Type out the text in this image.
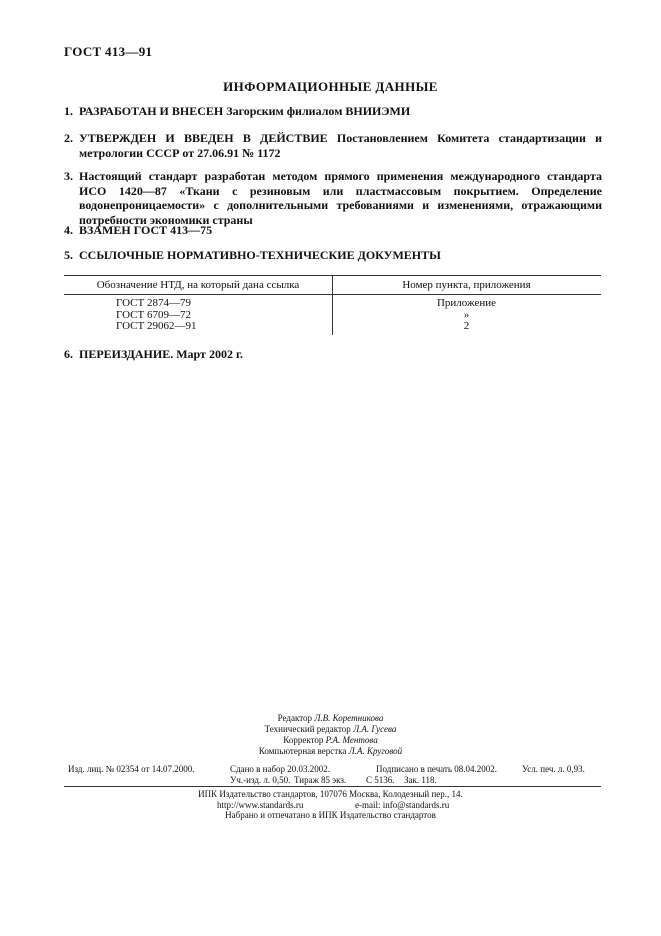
ГОСТ 413—91
ИНФОРМАЦИОННЫЕ ДАННЫЕ
1. РАЗРАБОТАН И ВНЕСЕН Загорским филиалом ВНИИЭМИ
2. УТВЕРЖДЕН И ВВЕДЕН В ДЕЙСТВИЕ Постановлением Комитета стандартизации и метрологии СССР от 27.06.91 № 1172
3. Настоящий стандарт разработан методом прямого применения международного стандарта ИСО 1420—87 «Ткани с резиновым или пластмассовым покрытием. Определение водонепроницаемости» с дополнительными требованиями и изменениями, отражающими потребности экономики страны
4. ВЗАМЕН ГОСТ 413—75
5. ССЫЛОЧНЫЕ НОРМАТИВНО-ТЕХНИЧЕСКИЕ ДОКУМЕНТЫ
Обозначение НТД, на который дана ссылка	Номер пункта, приложения
ГОСТ 2874—79	Приложение
ГОСТ 6709—72	»
ГОСТ 29062—91	2
6. ПЕРЕИЗДАНИЕ. Март 2002 г.
Редактор Л.В. Коретникова
Технический редактор Л.А. Гусева
Корректор Р.А. Ментова
Компьютерная верстка Л.А. Круговой
Изд. лиц. № 02354 от 14.07.2000.	Сдано в набор 20.03.2002.	Подписано в печать 08.04.2002.	Усл. печ. л. 0,93.
Уч.-изд. л. 0,50. Тираж 85 экз. С 5136. Зак. 118.
ИПК Издательство стандартов, 107076 Москва, Колодезный пер., 14.
http://www.standards.ru	e-mail: info@standards.ru
Набрано и отпечатано в ИПК Издательство стандартов
